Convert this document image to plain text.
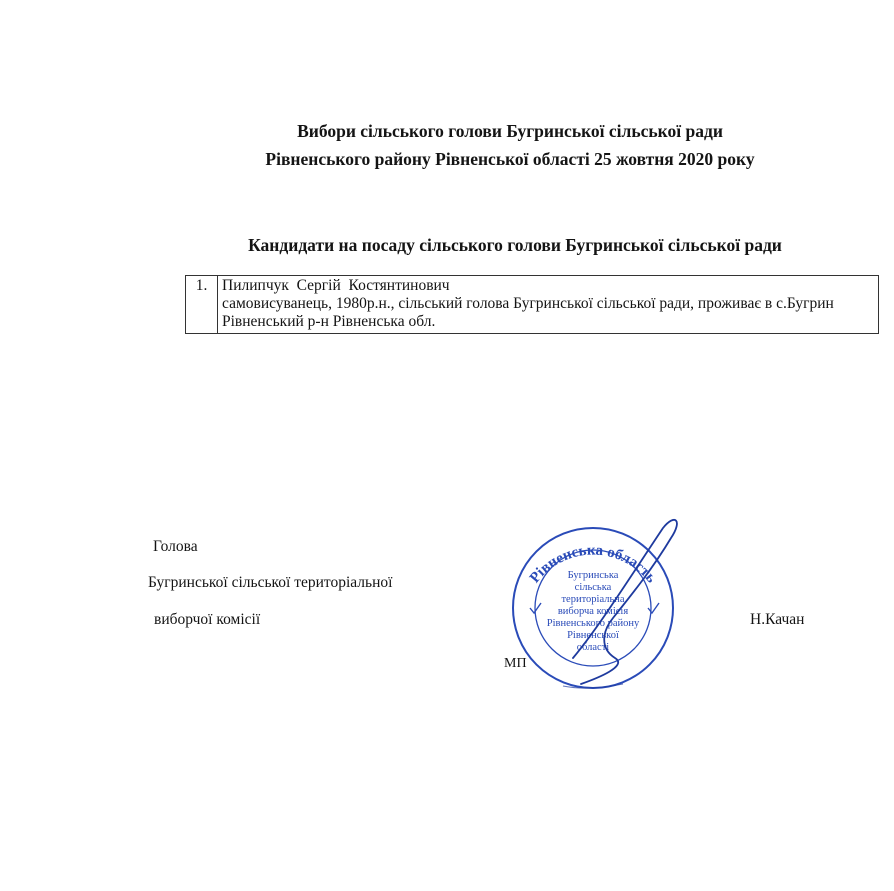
Вибори сільського голови Бугринської сільської ради
Рівненського району Рівненської області 25 жовтня 2020 року
Кандидати на посаду сільського голови Бугринської сільської ради
1.	Пилипчук  Сергій  Костянтинович
самовисуванець, 1980р.н., сільський голова Бугринської сільської ради, проживає в с.Бугрин Рівненський р-н Рівненська обл.
Голова
Бугринської сільської територіальної
виборчої комісії
МП
Н.Качан
Рівненська область
Бугринська
сільська
територіальна
виборча комісія
Рівненського району
Рівненської
області
